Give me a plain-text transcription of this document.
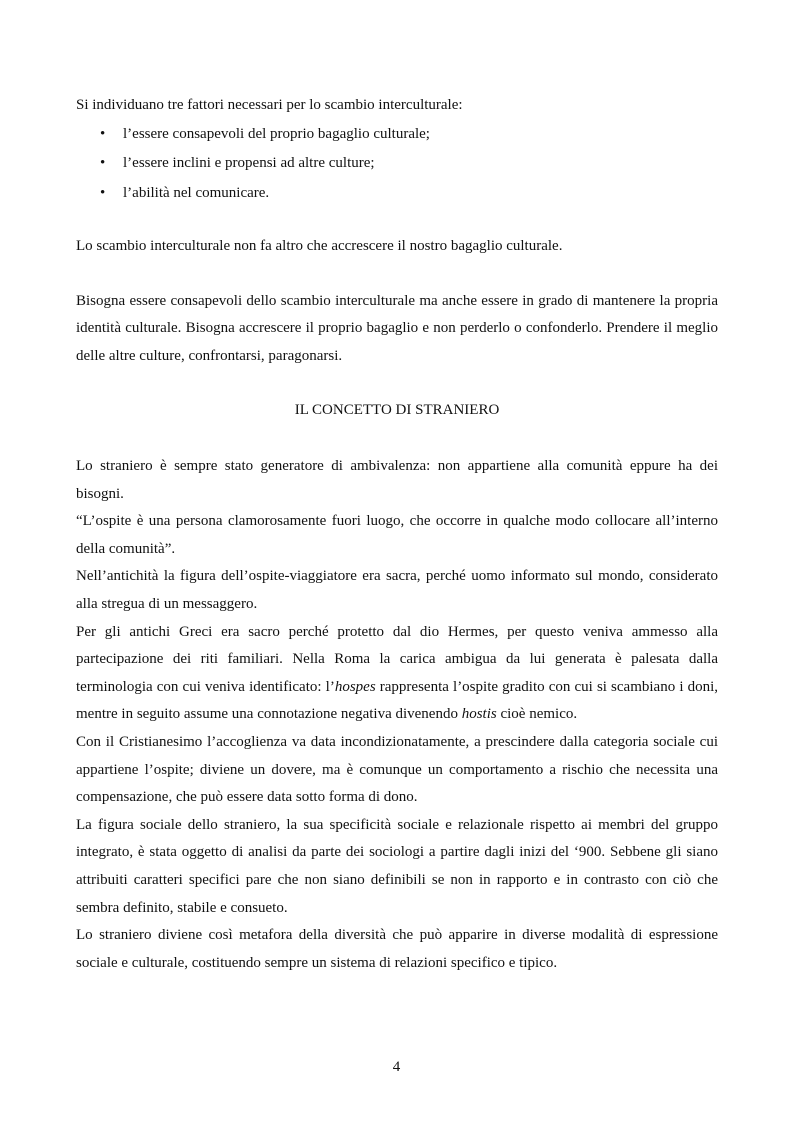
Si individuano tre fattori necessari per lo scambio interculturale:

• l’essere consapevoli del proprio bagaglio culturale;
• l’essere inclini e propensi ad altre culture;
• l’abilità nel comunicare.

Lo scambio interculturale non fa altro che accrescere il nostro bagaglio culturale.

Bisogna essere consapevoli dello scambio interculturale ma anche essere in grado di mantenere la propria identità culturale. Bisogna accrescere il proprio bagaglio e non perderlo o confonderlo. Prendere il meglio delle altre culture, confrontarsi, paragonarsi.

IL CONCETTO DI STRANIERO

Lo straniero è sempre stato generatore di ambivalenza: non appartiene alla comunità eppure ha dei bisogni.

“L’ospite è una persona clamorosamente fuori luogo, che occorre in qualche modo collocare all’interno della comunità”.

Nell’antichità la figura dell’ospite-viaggiatore era sacra, perché uomo informato sul mondo, considerato alla stregua di un messaggero.

Per gli antichi Greci era sacro perché protetto dal dio Hermes, per questo veniva ammesso alla partecipazione dei riti familiari. Nella Roma la carica ambigua da lui generata è palesata dalla terminologia con cui veniva identificato: l’hospes rappresenta l’ospite gradito con cui si scambiano i doni, mentre in seguito assume una connotazione negativa divenendo hostis cioè nemico.

Con il Cristianesimo l’accoglienza va data incondizionatamente, a prescindere dalla categoria sociale cui appartiene l’ospite; diviene un dovere, ma è comunque un comportamento a rischio che necessita una compensazione, che può essere data sotto forma di dono.

La figura sociale dello straniero, la sua specificità sociale e relazionale rispetto ai membri del gruppo integrato, è stata oggetto di analisi da parte dei sociologi a partire dagli inizi del ‘900. Sebbene gli siano attribuiti caratteri specifici pare che non siano definibili se non in rapporto e in contrasto con ciò che sembra definito, stabile e consueto.

Lo straniero diviene così metafora della diversità che può apparire in diverse modalità di espressione sociale e culturale, costituendo sempre un sistema di relazioni specifico e tipico.

4
